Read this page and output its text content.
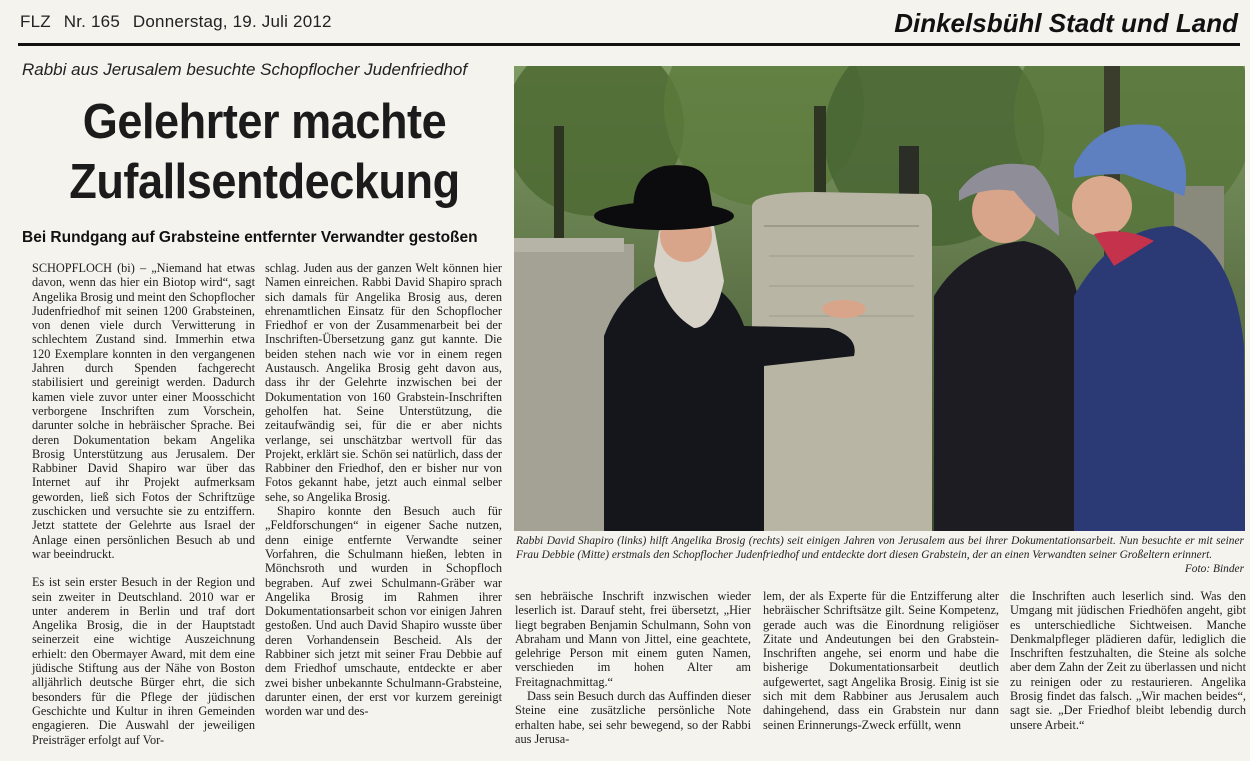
FLZ Nr. 165 Donnerstag, 19. Juli 2012	Dinkelsbühl Stadt und Land
Rabbi aus Jerusalem besuchte Schopflocher Judenfriedhof
Gelehrter machte
Zufallsentdeckung
Bei Rundgang auf Grabsteine entfernter Verwandter gestoßen

SCHOPFLOCH (bi) – „Niemand hat etwas davon, wenn das hier ein Biotop wird“, sagt Angelika Brosig und meint den Schopflocher Judenfriedhof mit seinen 1200 Grabsteinen, von denen viele durch Verwitterung in schlechtem Zustand sind. Immerhin etwa 120 Exemplare konnten in den vergangenen Jahren durch Spenden fachgerecht stabilisiert und gereinigt werden. Dadurch kamen viele zuvor unter einer Moosschicht verborgene Inschriften zum Vorschein, darunter solche in hebräischer Sprache. Bei deren Dokumentation bekam Angelika Brosig Unterstützung aus Jerusalem. Der Rabbiner David Shapiro war über das Internet auf ihr Projekt aufmerksam geworden, ließ sich Fotos der Schriftzüge zuschicken und versuchte sie zu entziffern. Jetzt stattete der Gelehrte aus Israel der Anlage einen persönlichen Besuch ab und war beeindruckt.

Es ist sein erster Besuch in der Region und sein zweiter in Deutschland. 2010 war er unter anderem in Berlin und traf dort Angelika Brosig, die in der Hauptstadt seinerzeit eine wichtige Auszeichnung erhielt: den Obermayer Award, mit dem eine jüdische Stiftung aus der Nähe von Boston alljährlich deutsche Bürger ehrt, die sich besonders für die Pflege der jüdischen Geschichte und Kultur in ihren Gemeinden engagieren. Die Auswahl der jeweiligen Preisträger erfolgt auf Vor-

schlag. Juden aus der ganzen Welt können hier Namen einreichen. Rabbi David Shapiro sprach sich damals für Angelika Brosig aus, deren ehrenamtlichen Einsatz für den Schopflocher Friedhof er von der Zusammenarbeit bei der Inschriften-Übersetzung ganz gut kannte. Die beiden stehen nach wie vor in einem regen Austausch. Angelika Brosig geht davon aus, dass ihr der Gelehrte inzwischen bei der Dokumentation von 160 Grabstein-Inschriften geholfen hat. Seine Unterstützung, die zeitaufwändig sei, für die er aber nichts verlange, sei unschätzbar wertvoll für das Projekt, erklärt sie. Schön sei natürlich, dass der Rabbiner den Friedhof, den er bisher nur von Fotos gekannt habe, jetzt auch einmal selber sehe, so Angelika Brosig.

Shapiro konnte den Besuch auch für „Feldforschungen“ in eigener Sache nutzen, denn einige entfernte Verwandte seiner Vorfahren, die Schulmann hießen, lebten in Mönchsroth und wurden in Schopfloch begraben. Auf zwei Schulmann-Gräber war Angelika Brosig im Rahmen ihrer Dokumentationsarbeit schon vor einigen Jahren gestoßen. Und auch David Shapiro wusste über deren Vorhandensein Bescheid. Als der Rabbiner sich jetzt mit seiner Frau Debbie auf dem Friedhof umschaute, entdeckte er aber zwei bisher unbekannte Schulmann-Grabsteine, darunter einen, der erst vor kurzem gereinigt worden war und des-

Rabbi David Shapiro (links) hilft Angelika Brosig (rechts) seit einigen Jahren von Jerusalem aus bei ihrer Dokumentationsarbeit. Nun besuchte er mit seiner Frau Debbie (Mitte) erstmals den Schopflocher Judenfriedhof und entdeckte dort diesen Grabstein, der an einen Verwandten seiner Großeltern erinnert.
Foto: Binder

sen hebräische Inschrift inzwischen wieder leserlich ist. Darauf steht, frei übersetzt, „Hier liegt begraben Benjamin Schulmann, Sohn von Abraham und Mann von Jittel, eine geachtete, gelehrige Person mit einem guten Namen, verschieden im hohen Alter am Freitagnachmittag.“

Dass sein Besuch durch das Auffinden dieser Steine eine zusätzliche persönliche Note erhalten habe, sei sehr bewegend, so der Rabbi aus Jerusa-

lem, der als Experte für die Entzifferung alter hebräischer Schriftsätze gilt. Seine Kompetenz, gerade auch was die Einordnung religiöser Zitate und Andeutungen bei den Grabstein-Inschriften angehe, sei enorm und habe die bisherige Dokumentationsarbeit deutlich aufgewertet, sagt Angelika Brosig. Einig ist sie sich mit dem Rabbiner aus Jerusalem auch dahingehend, dass ein Grabstein nur dann seinen Erinnerungs-Zweck erfüllt, wenn

die Inschriften auch leserlich sind. Was den Umgang mit jüdischen Friedhöfen angeht, gibt es unterschiedliche Sichtweisen. Manche Denkmalpfleger plädieren dafür, lediglich die Inschriften festzuhalten, die Steine als solche aber dem Zahn der Zeit zu überlassen und nicht zu reinigen oder zu restaurieren. Angelika Brosig findet das falsch. „Wir machen beides“, sagt sie. „Der Friedhof bleibt lebendig durch unsere Arbeit.“
